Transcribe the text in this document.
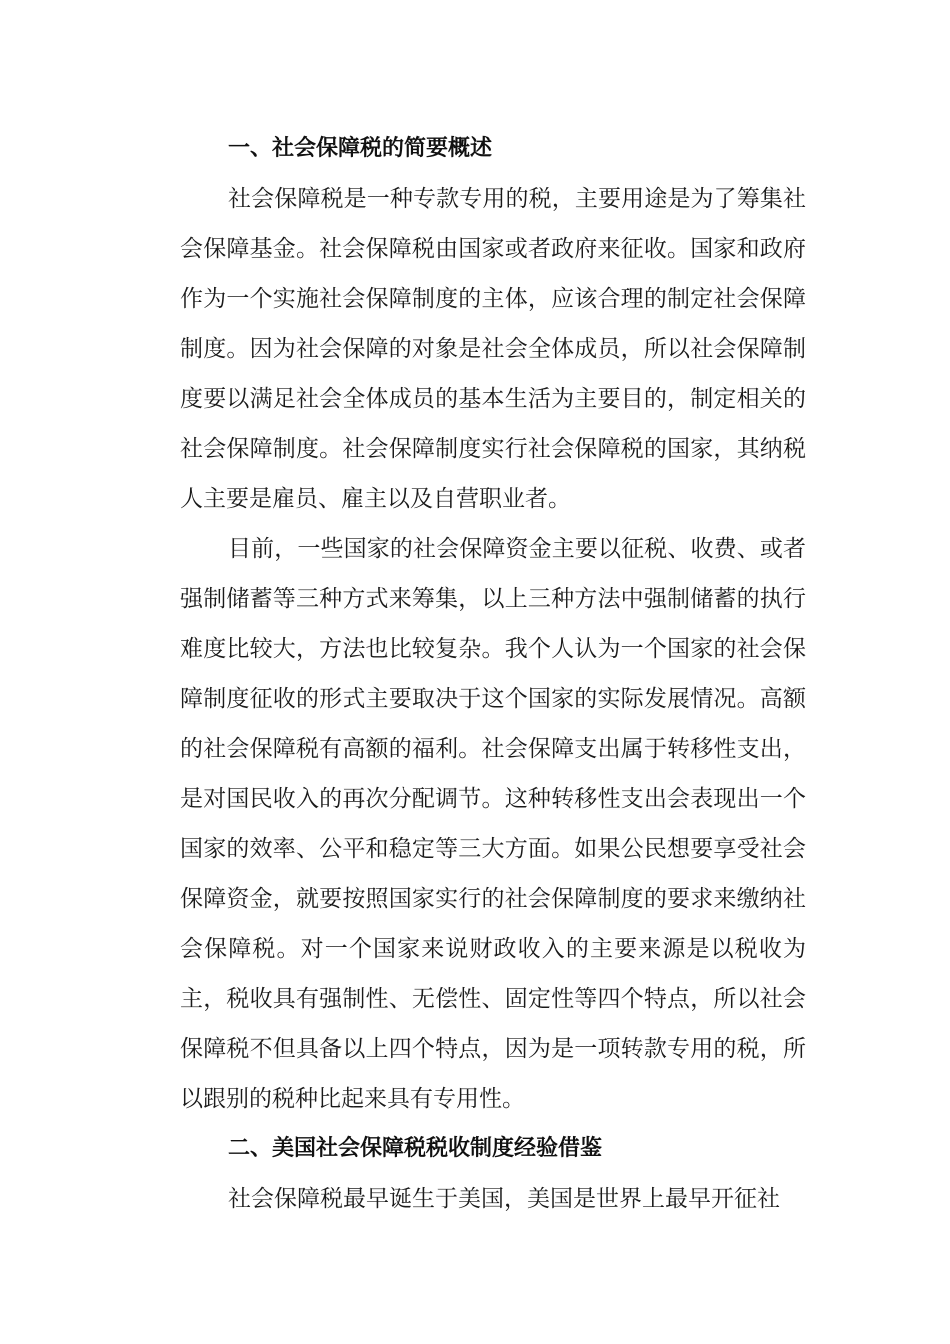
一、社会保障税的简要概述

社会保障税是一种专款专用的税，主要用途是为了筹集社会保障基金。社会保障税由国家或者政府来征收。国家和政府作为一个实施社会保障制度的主体，应该合理的制定社会保障制度。因为社会保障的对象是社会全体成员，所以社会保障制度要以满足社会全体成员的基本生活为主要目的，制定相关的社会保障制度。社会保障制度实行社会保障税的国家，其纳税人主要是雇员、雇主以及自营职业者。

目前，一些国家的社会保障资金主要以征税、收费、或者强制储蓄等三种方式来筹集，以上三种方法中强制储蓄的执行难度比较大，方法也比较复杂。我个人认为一个国家的社会保障制度征收的形式主要取决于这个国家的实际发展情况。高额的社会保障税有高额的福利。社会保障支出属于转移性支出，是对国民收入的再次分配调节。这种转移性支出会表现出一个国家的效率、公平和稳定等三大方面。如果公民想要享受社会保障资金，就要按照国家实行的社会保障制度的要求来缴纳社会保障税。对一个国家来说财政收入的主要来源是以税收为主，税收具有强制性、无偿性、固定性等四个特点，所以社会保障税不但具备以上四个特点，因为是一项转款专用的税，所以跟别的税种比起来具有专用性。

二、美国社会保障税税收制度经验借鉴

社会保障税最早诞生于美国，美国是世界上最早开征社
